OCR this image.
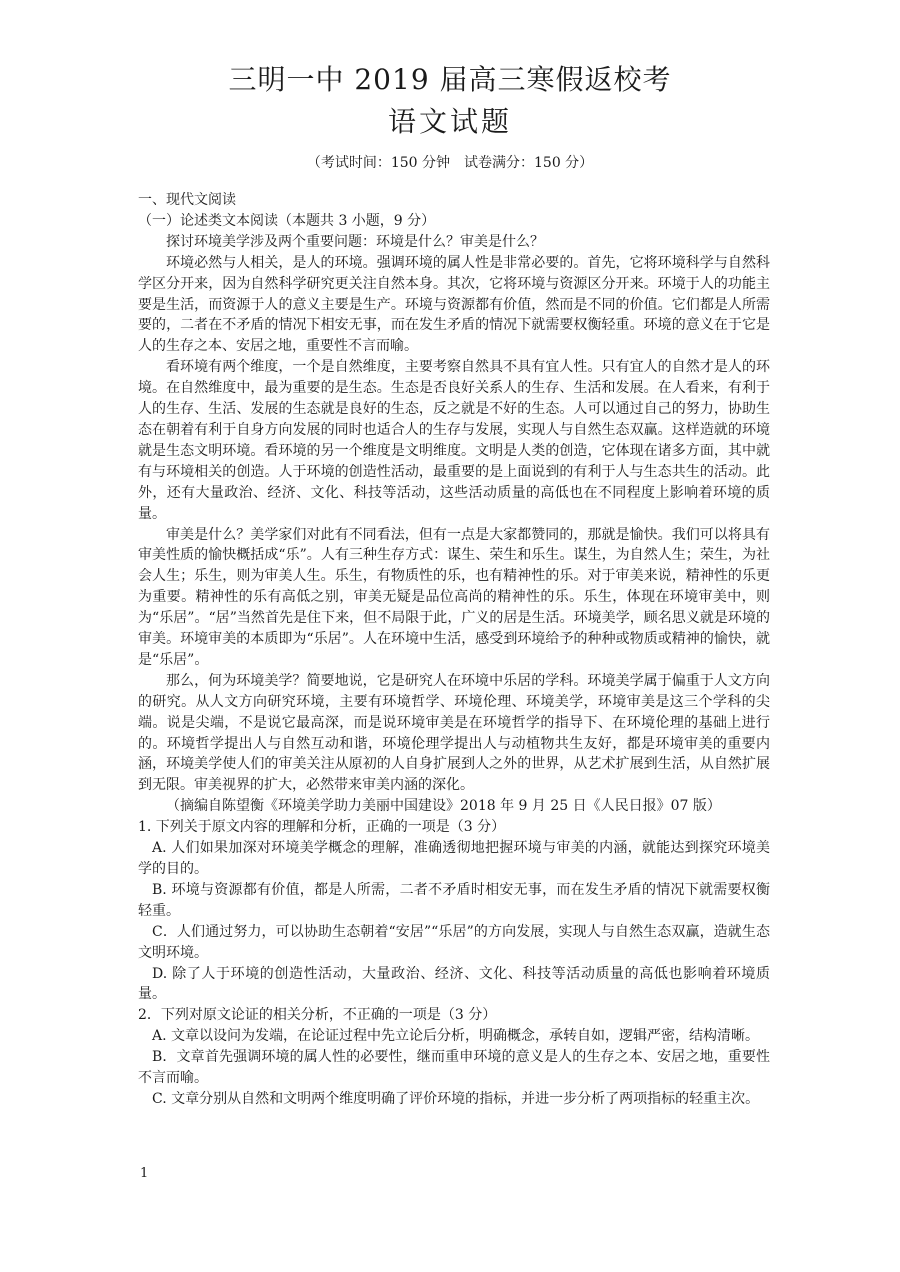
三明一中 2019 届高三寒假返校考
语文试题

（考试时间：150 分钟　试卷满分：150 分）

一、现代文阅读

（一）论述类文本阅读（本题共 3 小题，9 分）

探讨环境美学涉及两个重要问题：环境是什么？审美是什么？

环境必然与人相关，是人的环境。强调环境的属人性是非常必要的。首先，它将环境科学与自然科学区分开来，因为自然科学研究更关注自然本身。其次，它将环境与资源区分开来。环境于人的功能主要是生活，而资源于人的意义主要是生产。环境与资源都有价值，然而是不同的价值。它们都是人所需要的，二者在不矛盾的情况下相安无事，而在发生矛盾的情况下就需要权衡轻重。环境的意义在于它是人的生存之本、安居之地，重要性不言而喻。

看环境有两个维度，一个是自然维度，主要考察自然具不具有宜人性。只有宜人的自然才是人的环境。在自然维度中，最为重要的是生态。生态是否良好关系人的生存、生活和发展。在人看来，有利于人的生存、生活、发展的生态就是良好的生态，反之就是不好的生态。人可以通过自己的努力，协助生态在朝着有利于自身方向发展的同时也适合人的生存与发展，实现人与自然生态双赢。这样造就的环境就是生态文明环境。看环境的另一个维度是文明维度。文明是人类的创造，它体现在诸多方面，其中就有与环境相关的创造。人于环境的创造性活动，最重要的是上面说到的有利于人与生态共生的活动。此外，还有大量政治、经济、文化、科技等活动，这些活动质量的高低也在不同程度上影响着环境的质量。

审美是什么？美学家们对此有不同看法，但有一点是大家都赞同的，那就是愉快。我们可以将具有审美性质的愉快概括成“乐”。人有三种生存方式：谋生、荣生和乐生。谋生，为自然人生；荣生，为社会人生；乐生，则为审美人生。乐生，有物质性的乐，也有精神性的乐。对于审美来说，精神性的乐更为重要。精神性的乐有高低之别，审美无疑是品位高尚的精神性的乐。乐生，体现在环境审美中，则为“乐居”。“居”当然首先是住下来，但不局限于此，广义的居是生活。环境美学，顾名思义就是环境的审美。环境审美的本质即为“乐居”。人在环境中生活，感受到环境给予的种种或物质或精神的愉快，就是“乐居”。

那么，何为环境美学？简要地说，它是研究人在环境中乐居的学科。环境美学属于偏重于人文方向的研究。从人文方向研究环境，主要有环境哲学、环境伦理、环境美学，环境审美是这三个学科的尖端。说是尖端，不是说它最高深，而是说环境审美是在环境哲学的指导下、在环境伦理的基础上进行的。环境哲学提出人与自然互动和谐，环境伦理学提出人与动植物共生友好，都是环境审美的重要内涵，环境美学使人们的审美关注从原初的人自身扩展到人之外的世界，从艺术扩展到生活，从自然扩展到无限。审美视界的扩大，必然带来审美内涵的深化。

（摘编自陈望衡《环境美学助力美丽中国建设》2018 年 9 月 25 日《人民日报》07 版）

1. 下列关于原文内容的理解和分析，正确的一项是（3 分）

A. 人们如果加深对环境美学概念的理解，准确透彻地把握环境与审美的内涵，就能达到探究环境美学的目的。

B. 环境与资源都有价值，都是人所需，二者不矛盾时相安无事，而在发生矛盾的情况下就需要权衡轻重。

C．人们通过努力，可以协助生态朝着“安居”“乐居”的方向发展，实现人与自然生态双赢，造就生态文明环境。

D. 除了人于环境的创造性活动，大量政治、经济、文化、科技等活动质量的高低也影响着环境质量。

2．下列对原文论证的相关分析，不正确的一项是（3 分）

A. 文章以设问为发端，在论证过程中先立论后分析，明确概念，承转自如，逻辑严密，结构清晰。

B．文章首先强调环境的属人性的必要性，继而重申环境的意义是人的生存之本、安居之地，重要性不言而喻。

C. 文章分别从自然和文明两个维度明确了评价环境的指标，并进一步分析了两项指标的轻重主次。

1
